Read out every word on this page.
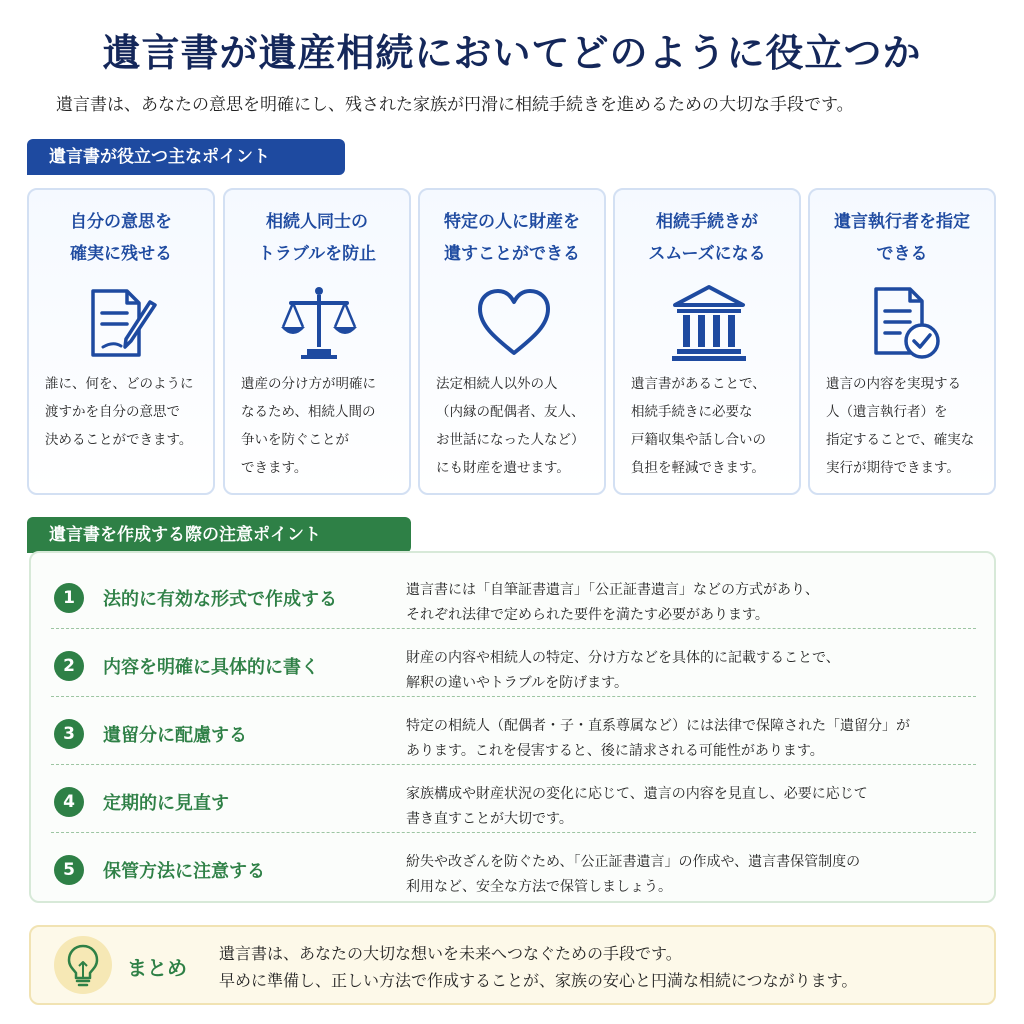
遺言書が遺産相続においてどのように役立つか
遺言書は、あなたの意思を明確にし、残された家族が円滑に相続手続きを進めるための大切な手段です。
遺言書が役立つ主なポイント
自分の意思を
確実に残せる
誰に、何を、どのように
渡すかを自分の意思で
決めることができます。
相続人同士の
トラブルを防止
遺産の分け方が明確に
なるため、相続人間の
争いを防ぐことが
できます。
特定の人に財産を
遺すことができる
法定相続人以外の人
（内縁の配偶者、友人、
お世話になった人など）
にも財産を遺せます。
相続手続きが
スムーズになる
遺言書があることで、
相続手続きに必要な
戸籍収集や話し合いの
負担を軽減できます。
遺言執行者を指定
できる
遺言の内容を実現する
人（遺言執行者）を
指定することで、確実な
実行が期待できます。
遺言書を作成する際の注意ポイント
1	法的に有効な形式で作成する	遺言書には「自筆証書遺言」「公正証書遺言」などの方式があり、
それぞれ法律で定められた要件を満たす必要があります。
2	内容を明確に具体的に書く	財産の内容や相続人の特定、分け方などを具体的に記載することで、
解釈の違いやトラブルを防げます。
3	遺留分に配慮する	特定の相続人（配偶者・子・直系尊属など）には法律で保障された「遺留分」が
あります。これを侵害すると、後に請求される可能性があります。
4	定期的に見直す	家族構成や財産状況の変化に応じて、遺言の内容を見直し、必要に応じて
書き直すことが大切です。
5	保管方法に注意する	紛失や改ざんを防ぐため、「公正証書遺言」の作成や、遺言書保管制度の
利用など、安全な方法で保管しましょう。
まとめ
遺言書は、あなたの大切な想いを未来へつなぐための手段です。
早めに準備し、正しい方法で作成することが、家族の安心と円満な相続につながります。
